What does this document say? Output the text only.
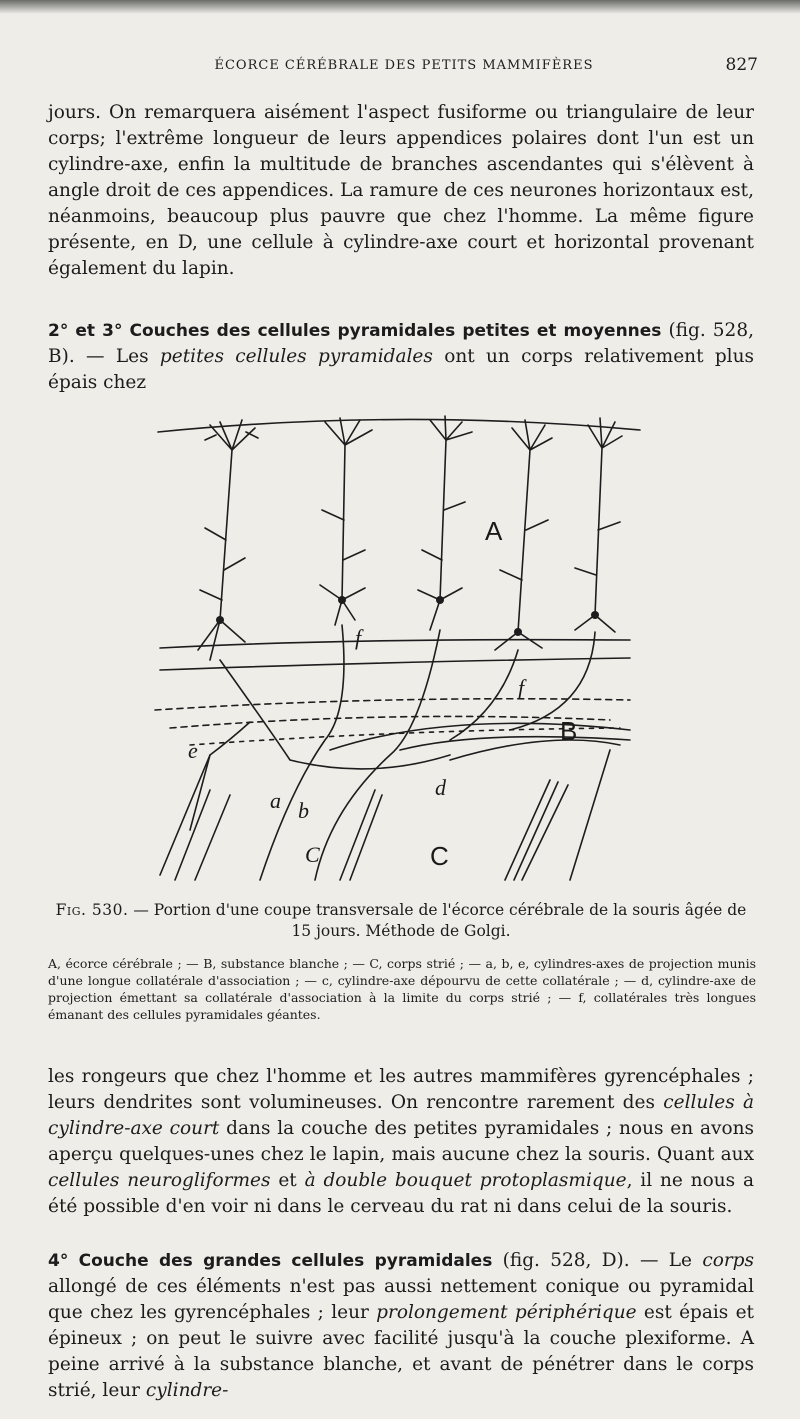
ÉCORCE CÉRÉBRALE DES PETITS MAMMIFÈRES	827

jours. On remarquera aisément l'aspect fusiforme ou triangulaire de leur corps; l'extrême longueur de leurs appendices polaires dont l'un est un cylindre-axe, enfin la multitude de branches ascendantes qui s'élèvent à angle droit de ces appendices. La ramure de ces neurones horizontaux est, néanmoins, beaucoup plus pauvre que chez l'homme. La même figure présente, en D, une cellule à cylindre-axe court et horizontal provenant également du lapin.

2° et 3° Couches des cellules pyramidales petites et moyennes (fig. 528, B). — Les petites cellules pyramidales ont un corps relativement plus épais chez

A
B
C
C
a b
d
e
f
f
Fig. 530. — Portion d'une coupe transversale de l'écorce cérébrale de la souris âgée de 15 jours. Méthode de Golgi.
A, écorce cérébrale ; — B, substance blanche ; — C, corps strié ; — a, b, e, cylindres-axes de projection munis d'une longue collatérale d'association ; — c, cylindre-axe dépourvu de cette collatérale ; — d, cylindre-axe de projection émettant sa collatérale d'association à la limite du corps strié ; — f, collatérales très longues émanant des cellules pyramidales géantes.

les rongeurs que chez l'homme et les autres mammifères gyrencéphales ; leurs dendrites sont volumineuses. On rencontre rarement des cellules à cylindre-axe court dans la couche des petites pyramidales ; nous en avons aperçu quelques-unes chez le lapin, mais aucune chez la souris. Quant aux cellules neurogliformes et à double bouquet protoplasmique, il ne nous a été possible d'en voir ni dans le cerveau du rat ni dans celui de la souris.

4° Couche des grandes cellules pyramidales (fig. 528, D). — Le corps allongé de ces éléments n'est pas aussi nettement conique ou pyramidal que chez les gyrencéphales ; leur prolongement périphérique est épais et épineux ; on peut le suivre avec facilité jusqu'à la couche plexiforme. A peine arrivé à la substance blanche, et avant de pénétrer dans le corps strié, leur cylindre-
